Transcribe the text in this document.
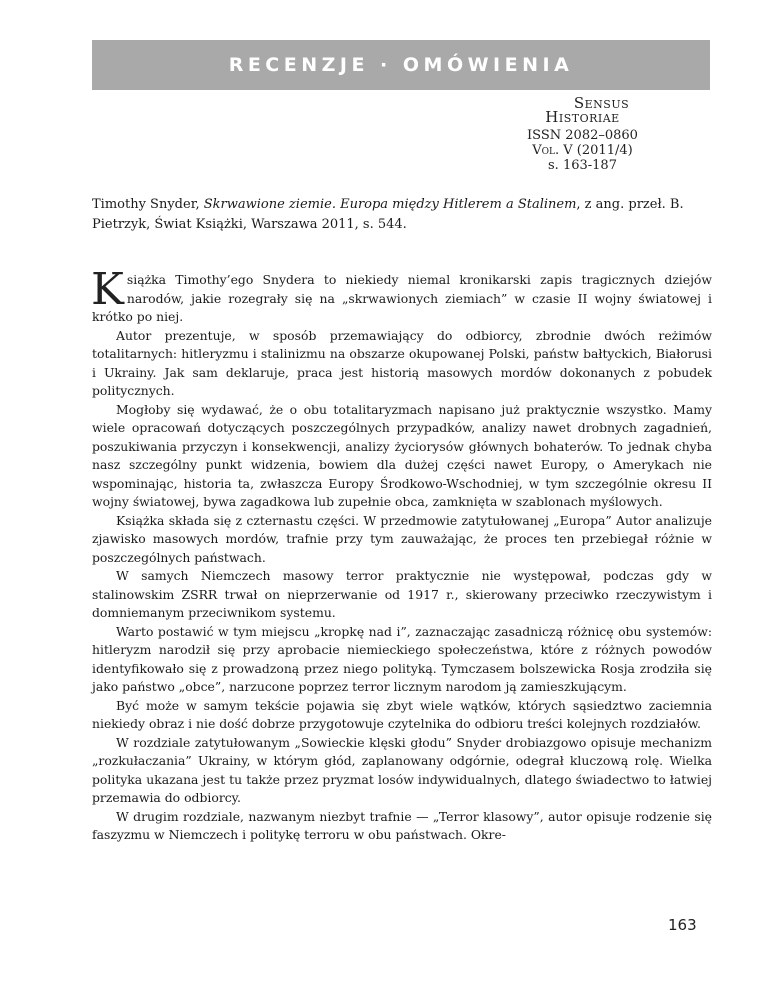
RECENZJE · OMÓWIENIA
Sensus
Historiae
ISSN 2082–0860
Vol. V (2011/4)
s. 163-187
Timothy Snyder, Skrwawione ziemie. Europa między Hitlerem a Stalinem, z ang. przeł. B. Pietrzyk, Świat Książki, Warszawa 2011, s. 544.

Książka Timothy’ego Snydera to niekiedy niemal kronikarski zapis tragicznych dziejów narodów, jakie rozegrały się na „skrwawionych ziemiach” w czasie II wojny światowej i krótko po niej.

Autor prezentuje, w sposób przemawiający do odbiorcy, zbrodnie dwóch reżimów totalitarnych: hitleryzmu i stalinizmu na obszarze okupowanej Polski, państw bałtyckich, Białorusi i Ukrainy. Jak sam deklaruje, praca jest historią masowych mordów dokonanych z pobudek politycznych.

Mogłoby się wydawać, że o obu totalitaryzmach napisano już praktycznie wszystko. Mamy wiele opracowań dotyczących poszczególnych przypadków, analizy nawet drobnych zagadnień, poszukiwania przyczyn i konsekwencji, analizy życiorysów głównych bohaterów. To jednak chyba nasz szczególny punkt widzenia, bowiem dla dużej części nawet Europy, o Amerykach nie wspominając, historia ta, zwłaszcza Europy Środkowo-Wschodniej, w tym szczególnie okresu II wojny światowej, bywa zagadkowa lub zupełnie obca, zamknięta w szablonach myślowych.

Książka składa się z czternastu części. W przedmowie zatytułowanej „Europa” Autor analizuje zjawisko masowych mordów, trafnie przy tym zauważając, że proces ten przebiegał różnie w poszczególnych państwach.

W samych Niemczech masowy terror praktycznie nie występował, podczas gdy w stalinowskim ZSRR trwał on nieprzerwanie od 1917 r., skierowany przeciwko rzeczywistym i domniemanym przeciwnikom systemu.

Warto postawić w tym miejscu „kropkę nad i”, zaznaczając zasadniczą różnicę obu systemów: hitleryzm narodził się przy aprobacie niemieckiego społeczeństwa, które z różnych powodów identyfikowało się z prowadzoną przez niego polityką. Tymczasem bolszewicka Rosja zrodziła się jako państwo „obce”, narzucone poprzez terror licznym narodom ją zamieszkującym.

Być może w samym tekście pojawia się zbyt wiele wątków, których sąsiedztwo zaciemnia niekiedy obraz i nie dość dobrze przygotowuje czytelnika do odbioru treści kolejnych rozdziałów.

W rozdziale zatytułowanym „Sowieckie klęski głodu” Snyder drobiazgowo opisuje mechanizm „rozkułaczania” Ukrainy, w którym głód, zaplanowany odgórnie, odegrał kluczową rolę. Wielka polityka ukazana jest tu także przez pryzmat losów indywidualnych, dlatego świadectwo to łatwiej przemawia do odbiorcy.

W drugim rozdziale, nazwanym niezbyt trafnie — „Terror klasowy”, autor opisuje rodzenie się faszyzmu w Niemczech i politykę terroru w obu państwach. Okre-

163
